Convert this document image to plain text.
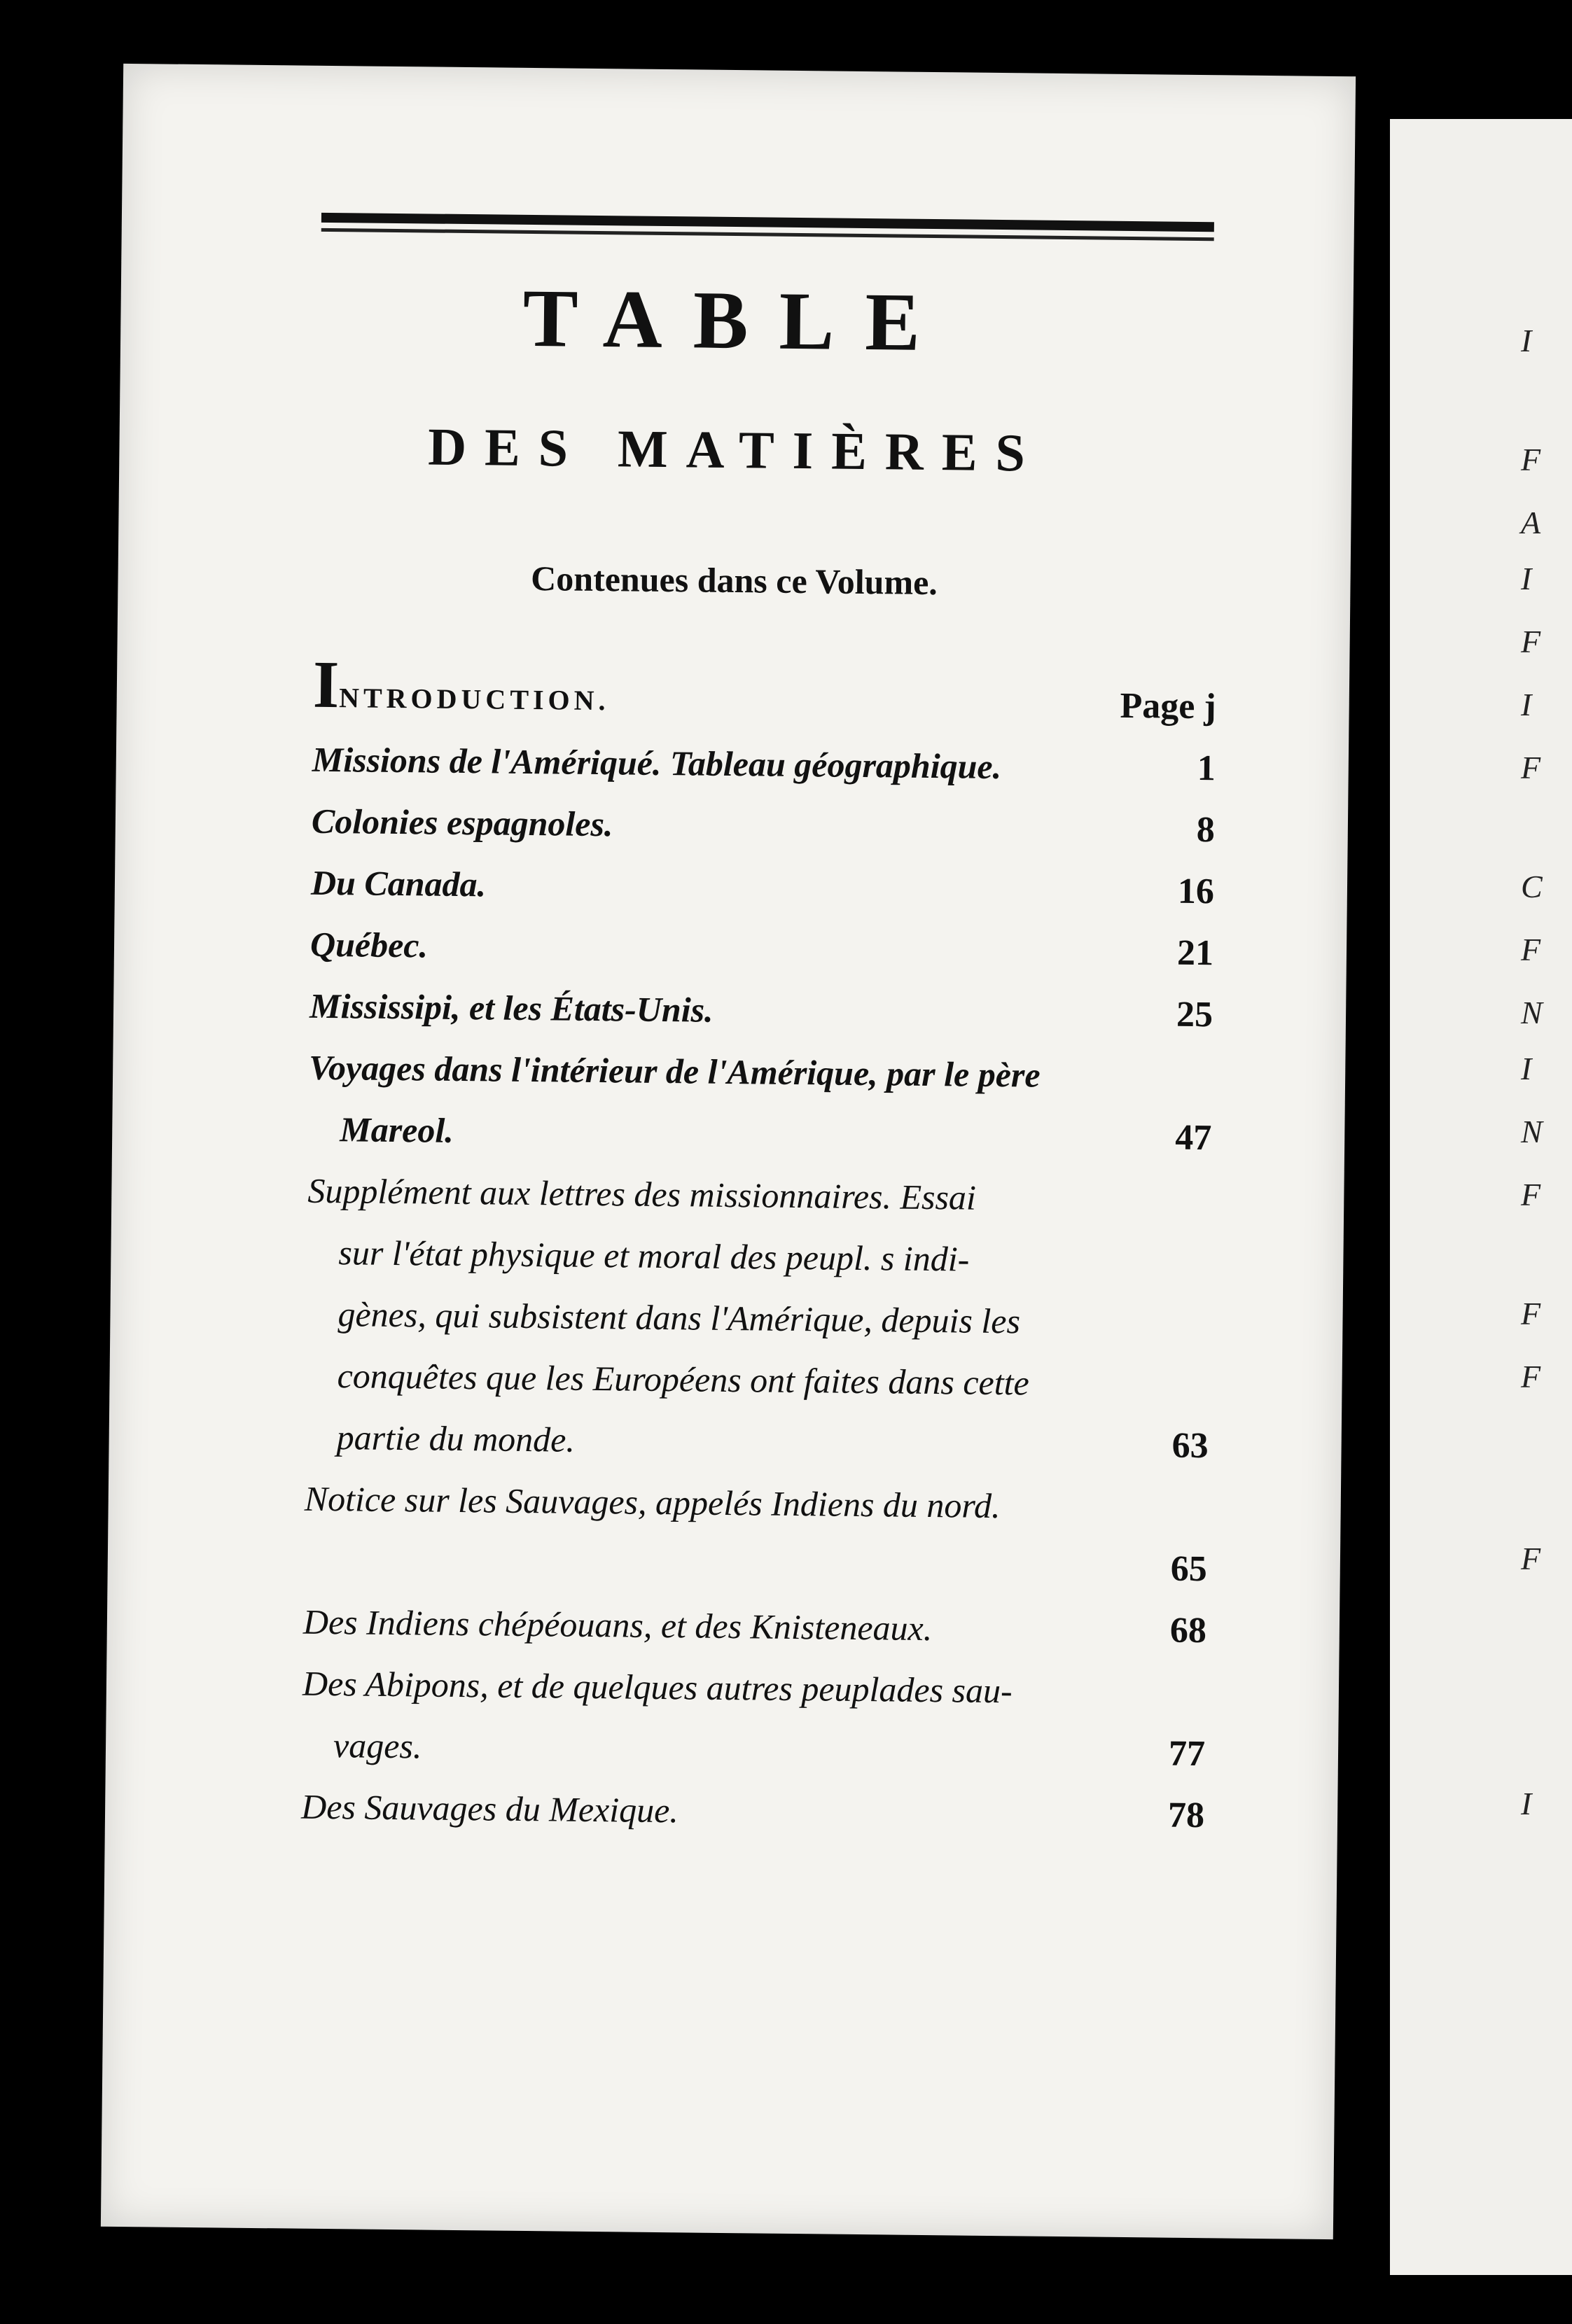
I
F
A
I
F
I
F
C
F
N
I
N
F
F
F
F
I
TABLE
DES MATIÈRES
Contenues dans ce Volume.
INTRODUCTION.	Page j
Missions de l'Amériqué. Tableau géographique.	1
Colonies espagnoles.	8
Du Canada.	16
Québec.	21
Mississipi, et les États-Unis.	25
Voyages dans l'intérieur de l'Amérique, par le père
Mareol.	47
Supplément aux lettres des missionnaires. Essai
sur l'état physique et moral des peupl. s indi-
gènes, qui subsistent dans l'Amérique, depuis les
conquêtes que les Européens ont faites dans cette
partie du monde.	63
Notice sur les Sauvages, appelés Indiens du nord.
65
Des Indiens chépéouans, et des Knisteneaux.	68
Des Abipons, et de quelques autres peuplades sau-
vages.	77
Des Sauvages du Mexique.	78
